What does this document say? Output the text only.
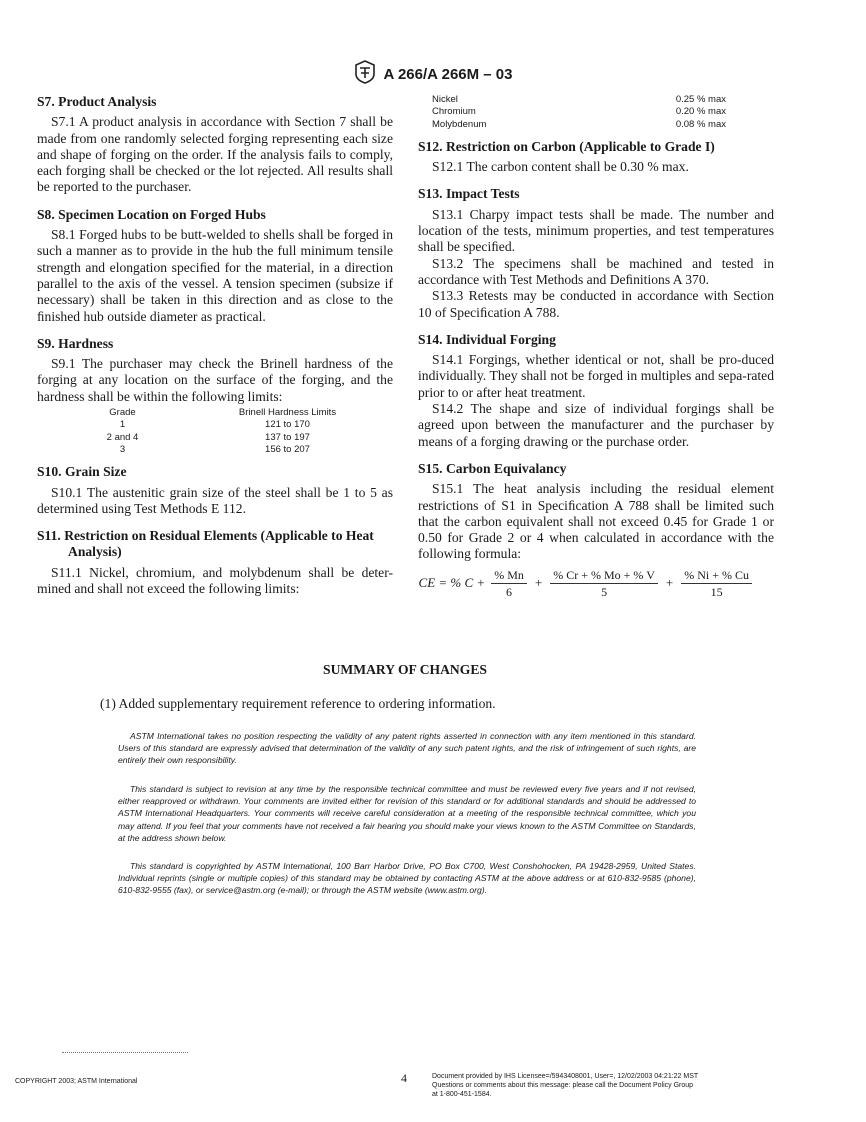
A 266/A 266M – 03
S7. Product Analysis

S7.1 A product analysis in accordance with Section 7 shall be made from one randomly selected forging representing each size and shape of forging on the order. If the analysis fails to comply, each forging shall be checked or the lot rejected. All results shall be reported to the purchaser.

S8. Specimen Location on Forged Hubs

S8.1 Forged hubs to be butt-welded to shells shall be forged in such a manner as to provide in the hub the full minimum tensile strength and elongation speciﬁed for the material, in a direction parallel to the axis of the vessel. A tension specimen (subsize if necessary) shall be taken in this direction and as close to the ﬁnished hub outside diameter as practical.

S9. Hardness

S9.1 The purchaser may check the Brinell hardness of the forging at any location on the surface of the forging, and the hardness shall be within the following limits:

Grade	Brinell Hardness Limits
1	121 to 170
2 and 4	137 to 197
3	156 to 207
S10. Grain Size

S10.1 The austenitic grain size of the steel shall be 1 to 5 as determined using Test Methods E 112.

S11. Restriction on Residual Elements (Applicable to Heat Analysis)

S11.1 Nickel, chromium, and molybdenum shall be deter-mined and shall not exceed the following limits:

Nickel	0.25 % max
Chromium	0.20 % max
Molybdenum	0.08 % max
S12. Restriction on Carbon (Applicable to Grade I)

S12.1 The carbon content shall be 0.30 % max.

S13. Impact Tests

S13.1 Charpy impact tests shall be made. The number and location of the tests, minimum properties, and test temperatures shall be speciﬁed.

S13.2 The specimens shall be machined and tested in accordance with Test Methods and Deﬁnitions A 370.

S13.3 Retests may be conducted in accordance with Section 10 of Speciﬁcation A 788.

S14. Individual Forging

S14.1 Forgings, whether identical or not, shall be pro-duced individually. They shall not be forged in multiples and sepa-rated prior to or after heat treatment.

S14.2 The shape and size of individual forgings shall be agreed upon between the manufacturer and the purchaser by means of a forging drawing or the purchase order.

S15. Carbon Equivalancy

S15.1 The heat analysis including the residual element restrictions of S1 in Speciﬁcation A 788 shall be limited such that the carbon equivalent shall not exceed 0.45 for Grade 1 or 0.50 for Grade 2 or 4 when calculated in accordance with the following formula:

CE = % $C + \frac{\% Mn}{6} + \frac{\% Cr + \% Mo + \% V}{5} + \frac{\% Ni + \% Cu}{15}$
SUMMARY OF CHANGES
(1) Added supplementary requirement reference to ordering information.

ASTM International takes no position respecting the validity of any patent rights asserted in connection with any item mentioned in this standard. Users of this standard are expressly advised that determination of the validity of any such patent rights, and the risk of infringement of such rights, are entirely their own responsibility.

This standard is subject to revision at any time by the responsible technical committee and must be reviewed every ﬁve years and if not revised, either reapproved or withdrawn. Your comments are invited either for revision of this standard or for additional standards and should be addressed to ASTM International Headquarters. Your comments will receive careful consideration at a meeting of the responsible technical committee, which you may attend. If you feel that your comments have not received a fair hearing you should make your views known to the ASTM Committee on Standards, at the address shown below.

This standard is copyrighted by ASTM International, 100 Barr Harbor Drive, PO Box C700, West Conshohocken, PA 19428-2959, United States. Individual reprints (single or multiple copies) of this standard may be obtained by contacting ASTM at the above address or at 610-832-9585 (phone), 610-832-9555 (fax), or service@astm.org (e-mail); or through the ASTM website (www.astm.org).

COPYRIGHT 2003; ASTM International	4	Document provided by IHS Licensee=/5943408001, User=, 12/02/2003 04:21:22 MST
Questions or comments about this message: please call the Document Policy Group
at 1-800-451-1584.
